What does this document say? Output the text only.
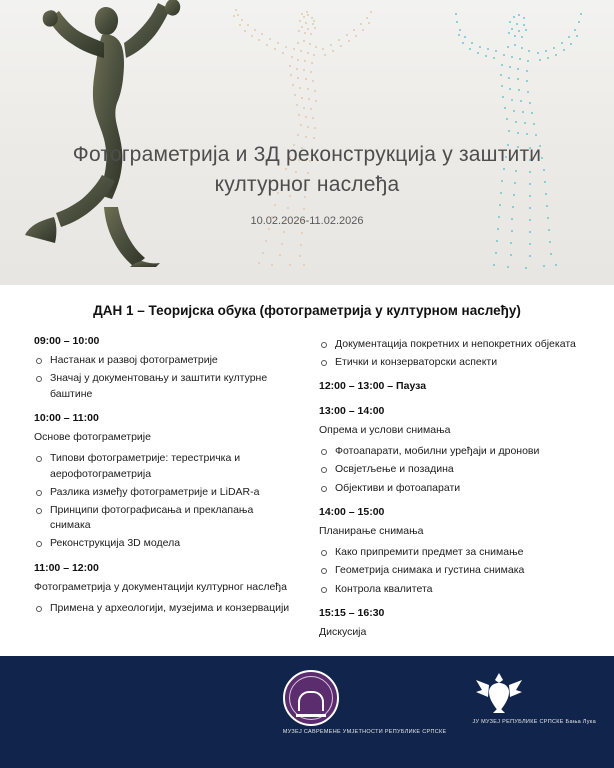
Фотограметрија и 3Д реконструкција у заштити културног наслеђа
10.02.2026-11.02.2026
ДАН 1 – Теоријска обука (фотограметрија у културном наслеђу)
09:00 – 10:00
Настанак и развој фотограметрије
Значај у документовању и заштити културне баштине
10:00 – 11:00
Основе фотограметрије
Типови фотограметрије: терестричка и аерофотограметрија
Разлика између фотограметрије и LiDAR-a
Принципи фотографисања и преклапања снимака
Реконструкција 3D модела
11:00 – 12:00
Фотограметрија у документацији културног наслеђа
Примена у археологији, музејима и конзервацији
Документација покретних и непокретних објеката
Етички и конзерваторски аспекти
12:00 – 13:00 – Пауза
13:00 – 14:00
Опрема и услови снимања
Фотоапарати, мобилни уређаји и дронови
Освјетљење и позадина
Објективи и фотоапарати
14:00 – 15:00
Планирање снимања
Како припремити предмет за снимање
Геометрија снимака и густина снимака
Контрола квалитета
15:15 – 16:30
Дискусија
МУЗЕЈ САВРЕМЕНЕ УМЈЕТНОСТИ РЕПУБЛИКЕ СРПСКЕ
ЈУ МУЗЕЈ РЕПУБЛИКЕ СРПСКЕ Бања Лука
